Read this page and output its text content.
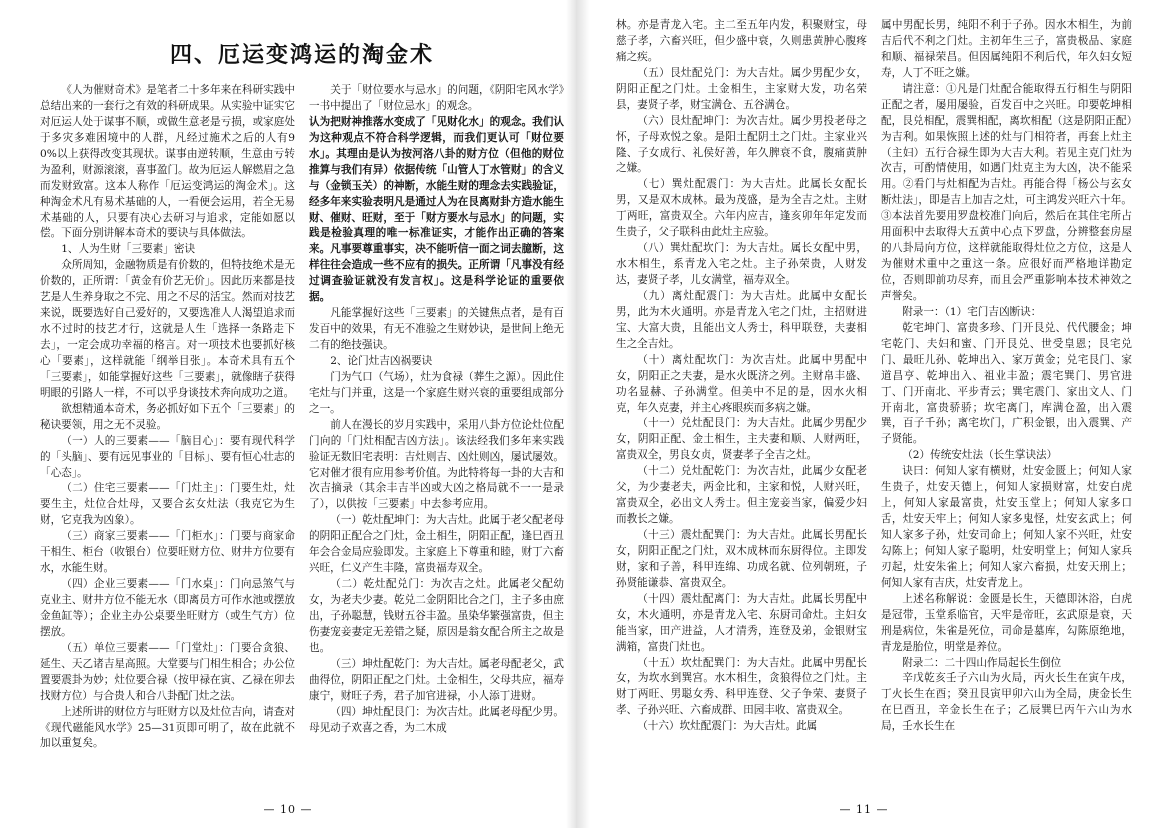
四、厄运变鸿运的淘金术

《人为催财奇术》是笔者二十多年来在科研实践中总结出来的一套行之有效的科研成果。从实验中证实它对厄运人处于谋事不顺，或做生意老是亏损，或家庭处于多灾多难困境中的人群，凡经过施术之后的人有90%以上获得改变其现状。谋事由逆转顺，生意由亏转为盈利，财源滚滚，喜事盈门。故为厄运人解燃眉之急而发财致富。这本人称作「厄运变鸿运的淘金术」。这种淘金术凡有易术基础的人，一看便会运用，若全无易术基础的人，只要有决心去研习与追求，定能如愿以偿。下面分别讲解本奇术的要诀与具体做法。

1、人为生财「三要素」密诀

众所周知，金融物质是有价数的，但特技绝术是无价数的，正所谓：「黄金有价艺无价」。因此历来都是技艺是人生养身取之不完、用之不尽的活宝。然而对技艺来说，既要选好自己爱好的，又要选准人人渴望追求而水不过时的技艺才行，这就是人生「选择一条路走下去」，一定会成功幸福的格言。对一项技术也要抓好核心「要素」，这样就能「纲举目张」。本奇术具有五个「三要素」，如能掌握好这些「三要素」，就像瞎子获得明眼的引路人一样，不可以乎身谈技术奔向成功之道。

欲想精通本奇术，务必抓好如下五个「三要素」的秘诀要领，用之无不灵验。

（一）人的三要素——「脑目心」：要有现代科学的「头脑」、要有远见事业的「目标」、要有恒心壮志的「心态」。

（二）住宅三要素——「门灶主」：门要生灶，灶要生主，灶位合灶母，又要合玄女灶法（我克它为生财，它克我为凶象）。

（三）商家三要素——「门柜水」：门要与商家命干相生、柜台（收银台）位要旺财方位、财井方位要有水，水能生财。

（四）企业三要素——「门水桌」：门向忌煞气与克业主、财井方位不能无水（即离员方可作水池或摆放金鱼缸等）；企业主办公桌要坐旺财方（或生气方）位摆放。

（五）单位三要素——「门堂灶」：门要合贪狼、延生、天乙诸吉星高照。大堂要与门相生相合；办公位置要震卦为妙；灶位要合禄（按甲禄在寅、乙禄在卯去找财方位）与合贵人和合八卦配门灶之法。

上述所讲的财位方与旺财方以及灶位吉向，请查对《现代磁能风水学》25—31页即可明了，故在此就不加以重复矣。

关于「财位要水与忌水」的问题，《阴阳宅风水学》一书中提出了「财位忌水」的观念。

认为把财神推落水变成了「见财化水」的观念。我们认为这种观点不符合科学逻辑，而我们更认可「财位要水」。其理由是认为按河洛八卦的财方位（但他的财位推算与我们有异）依据传统「山管人丁水管财」的含义与（金锁玉关）的神断，水能生财的理念去实践验证，经多年来实验表明凡是通过人为在艮离财卦方造水能生财、催财、旺财，至于「财方要水与忌水」的问题，实践是检验真理的唯一标准证实，才能作出正确的答案来。凡事要尊重事实，决不能听信一面之词去臆断，这样往往会造成一些不应有的损失。正所谓「凡事没有经过调查验证就没有发言权」。这是科学论证的重要依据。

凡能掌握好这些「三要素」的关键焦点者，是有百发百中的效果，有无不准验之生财妙诀，是世间上绝无二有的绝技强诀。

2、论门灶吉凶祸要诀

门为气口（气场），灶为食禄（葬生之源）。因此住宅灶与门并重，这是一个家庭生财兴衰的重要组成部分之一。

前人在漫长的岁月实践中，采用八卦方位论灶位配门向的「门灶相配吉凶方法」。该法经我们多年来实践验证无数旧宅表明：吉灶则吉、凶灶则凶，屡试屡效。它对催才很有应用参考价值。为此特将每一卦的大吉和次吉摘录（其余丰吉半凶或大凶之格局就不一一是录了），以供按「三要素」中去参考应用。

（一）乾灶配坤门：为大吉灶。此属于老父配老母的阴阳正配合之门灶，金土相生，阴阳正配，逢巳酉丑年会合金局应验即发。主家庭上下尊重和睦，财丁六畜兴旺，仁义产生丰隆，富贵福寿双全。

（二）乾灶配兑门：为次吉之灶。此属老父配幼女，为老夫少妻。乾兑二金阴阳比合之门，主子多由庶出，子孙聪慧，钱财五谷丰盈。虽染华繁强富贵，但主伤妻宠妾妻定无差错之疑，原因是翁女配合所主之故是也。

（三）坤灶配乾门：为大吉灶。属老母配老父，武曲得位，阴阳正配之门灶。土金相生，父母共应，福寿康宁，财旺子秀，君子加官进禄，小人添丁进财。

（四）坤灶配艮门：为次吉灶。此属老母配少男。母见动子欢喜之香，为二木成

— 10 —

林。亦是青龙入宅。主二至五年内发，积聚财宝，母慈子孝，六畜兴旺，但少盛中衰，久则患黄肿心腹疼痛之疾。

（五）艮灶配兑门：为大吉灶。属少男配少女，阴阳正配之门灶。土金相生，主家财大发，功名荣县，妻贤子孝，财宝满仓、五谷满仓。

（六）艮灶配坤门：为次吉灶。属少男投老母之怀，子母欢悦之象。是阳土配阴土之门灶。主家业兴隆、子女成行、礼侯好善，年久脾衰不食，腹痛黄肿之嫌。

（七）巽灶配震门：为大吉灶。此属长女配长男，又是双木成林。最为茂盛，是为全吉之灶。主财丁两旺，富贵双全。六年内应吉，逢亥卯年年定发而生贵子，父子联科由此灶主应验。

（八）巽灶配坎门：为大吉灶。属长女配中男，水木相生，系青龙入宅之灶。主子孙荣贵，人财发达，妻贤子孝，儿女满堂，福寿双全。

（九）离灶配震门：为大吉灶。此属中女配长男，此为木火通明。亦是青龙入宅之门灶，主招财进宝、大富大贵，且能出文人秀士，科甲联登，夫妻相生之全吉灶。

（十）离灶配坎门：为次吉灶。此属中男配中女，阴阳正之夫妻，是水火既济之列。主财帛丰盛、功名显赫、子孙满堂。但美中不足的是，因水火相克，年久克妻，并主心疼眼疾而多病之嫌。

（十一）兑灶配艮门：为大吉灶。此属少男配少女，阴阳正配、金土相生，主夫妻和顺、人财两旺，富贵双全，男良女贞，贤妻孝子全吉之灶。

（十二）兑灶配乾门：为次吉灶，此属少女配老父，为少妻老夫，两金比和，主家和悦，人财兴旺，富贵双全，必出文人秀士。但主宠妾当家，偏爱少妇而教长之嫌。

（十三）震灶配巽门：为大吉灶。此属长男配长女，阴阳正配之门灶，双木成林而东厨得位。主即发财，家和子善，科甲连绵、功成名就、位列朝班，子孙贤能谦恭、富贵双全。

（十四）震灶配离门：为大吉灶。此属长男配中女，木火通明，亦是青龙入宅、东厨司命灶。主妇女能当家，田产进益，人才清秀，连登及弟，金银财宝满箱，富贵门灶也。

（十五）坎灶配巽门：为大吉灶。此属中男配长女，为坎水到巽宫。水木相生，贪狼得位之门灶。主财丁两旺、男聪女秀、科甲连登、父子争荣、妻贤子孝、子孙兴旺、六畜成群、田园丰收、富贵双全。

（十六）坎灶配震门：为大吉灶。此属

属中男配长男，纯阳不利于子孙。因水木相生，为前吉后代不利之门灶。主初年生三子，富贵极品、家庭和顺、福禄荣昌。但因属纯阳不利后代，年久妇女短寿，人丁不旺之嫌。

请注意：①凡是门灶配合能取得五行相生与阴阳正配之者，屡用屡验，百发百中之兴旺。印要乾坤相配，艮兑相配，震巽相配，离坎相配（这是阴阳正配）为吉利。如果恢照上述的灶与门相符者，再套上灶主（主妇）五行合禄生即为大吉大利。若见主克门灶为次吉，可酌情使用，如遇门灶克主为大凶，决不能采用。②看门与灶相配为吉灶。再能合得「杨公与玄女断灶法」，即是吉上加吉之灶，可主鸿发兴旺六十年。③本法首先要用罗盘校准门向后，然后在其住宅所占用面积中去取得大五黄中心点下罗盘，分辨整套房屋的八卦局向方位，这样就能取得灶位之方位，这是人为催财术重中之重这一条。应很好而严格地详勘定位，否则即前功尽弃，而且会严重影响本技术神效之声誉矣。

附录一：（1）宅门吉凶断诀：

乾宅坤门、富贵多珍、门开艮兑、代代腰金；坤宅乾门、夫妇和蜜、门开艮兑、世受皇恩；艮宅兑门、最旺儿孙、乾坤出入、家万黄金；兑宅艮门、家道昌亨、乾坤出入、祖业丰盈；震宅巽门、男官进丁、门开南北、平步青云；巽宅震门、家出文人、门开南北，富贵骄骄；坎宅离门，库满仓盈，出入震巽，百子千孙；离宅坎门，广积金银，出入震巽、产子贤能。

（2）传统安灶法（长生掌诀法）

诀曰：何知人家有横财，灶安金匮上；何知人家生贵子，灶安天德上，何知人家损财富，灶安白虎上，何知人家最富贵，灶安玉堂上；何知人家多口舌，灶安天牢上；何知人家多鬼怪，灶安玄武上；何知人家多子孙，灶安司命上；何知人家不兴旺，灶安勾陈上；何知人家子聪明，灶安明堂上；何知人家兵刃起，灶安朱雀上；何知人家六畜损，灶安天刑上；何知人家有吉庆，灶安青龙上。

上述名称解说：金匮是长生，天德即沐浴，白虎是冠带，玉堂系临官，天牢是帝旺，玄武原是衰，天刑是病位，朱雀是死位，司命是墓库，勾陈原绝地，青龙是胎位，明堂是养位。

附录二：二十四山作局起长生倒位

辛戊乾亥壬子六山为火局，丙火长生在寅午戌，丁火长生在酉；癸丑艮寅甲卯六山为全局，庚金长生在巳酉丑，辛金长生在子；乙辰巽巳丙午六山为水局，壬水长生在

— 11 —
